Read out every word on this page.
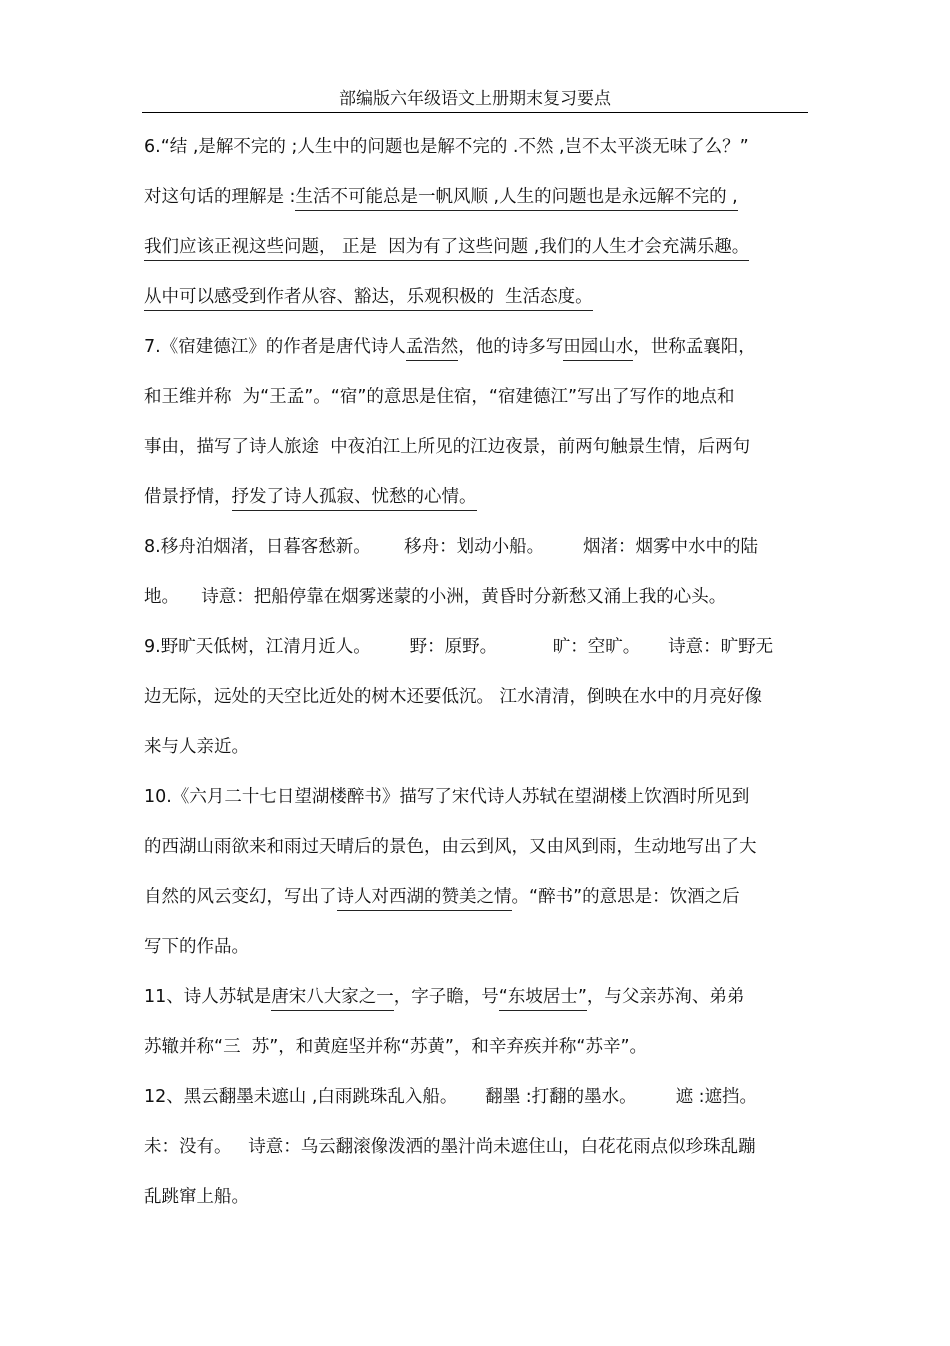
部编版六年级语文上册期末复习要点
6.“结 ,是解不完的 ;人生中的问题也是解不完的 .不然 ,岂不太平淡无味了么？”
对这句话的理解是 :生活不可能总是一帆风顺 ,人生的问题也是永远解不完的 ,
我们应该正视这些问题， 正是  因为有了这些问题 ,我们的人生才会充满乐趣。
从中可以感受到作者从容、豁达，乐观积极的  生活态度。
7.《宿建德江》的作者是唐代诗人孟浩然，他的诗多写田园山水，世称孟襄阳，
和王维并称  为“王孟”。“宿”的意思是住宿，“宿建德江”写出了写作的地点和
事由，描写了诗人旅途  中夜泊江上所见的江边夜景，前两句触景生情，后两句
借景抒情，抒发了诗人孤寂、忧愁的心情。
8.移舟泊烟渚，日暮客愁新。      移舟：划动小船。       烟渚：烟雾中水中的陆
地。    诗意：把船停靠在烟雾迷蒙的小洲，黄昏时分新愁又涌上我的心头。
9.野旷天低树，江清月近人。       野：原野。          旷：空旷。     诗意：旷野无
边无际，远处的天空比近处的树木还要低沉。 江水清清，倒映在水中的月亮好像
来与人亲近。
10.《六月二十七日望湖楼醉书》描写了宋代诗人苏轼在望湖楼上饮酒时所见到
的西湖山雨欲来和雨过天晴后的景色，由云到风，又由风到雨，生动地写出了大
自然的风云变幻，写出了诗人对西湖的赞美之情。“醉书”的意思是：饮酒之后
写下的作品。
11、诗人苏轼是唐宋八大家之一，字子瞻，号“东坡居士”，与父亲苏洵、弟弟
苏辙并称“三  苏”，和黄庭坚并称“苏黄”，和辛弃疾并称“苏辛”。
12、黑云翻墨未遮山 ,白雨跳珠乱入船。     翻墨 :打翻的墨水。       遮 :遮挡。
未：没有。   诗意：乌云翻滚像泼洒的墨汁尚未遮住山，白花花雨点似珍珠乱蹦
乱跳窜上船。
